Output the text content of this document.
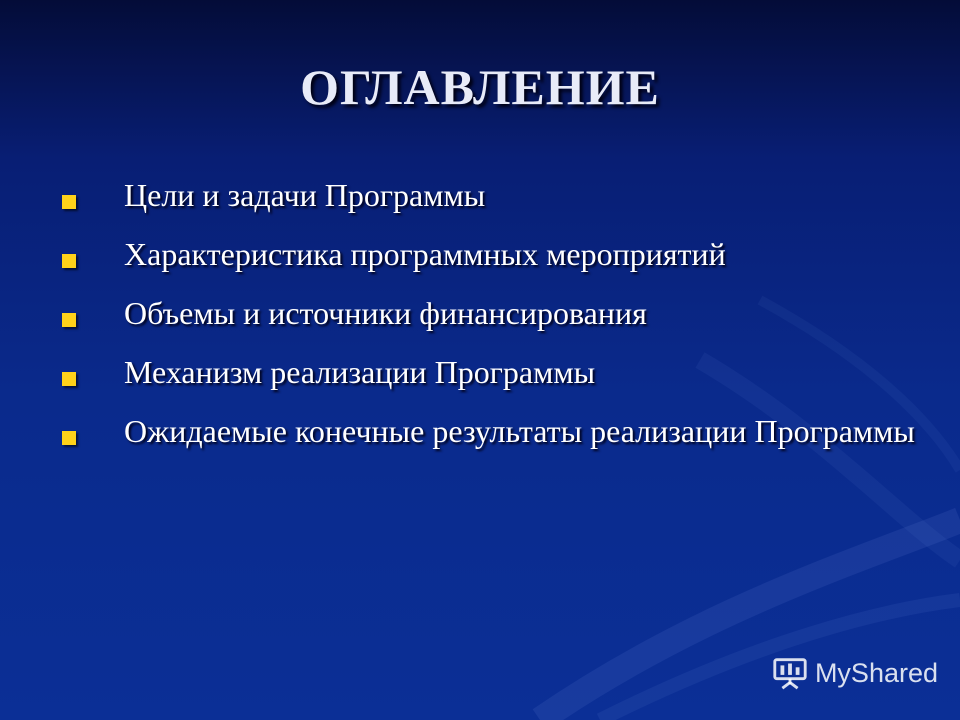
ОГЛАВЛЕНИЕ
Цели и задачи Программы
Характеристика программных мероприятий
Объемы и источники финансирования
Механизм реализации Программы
Ожидаемые конечные результаты реализации Программы
MyShared
